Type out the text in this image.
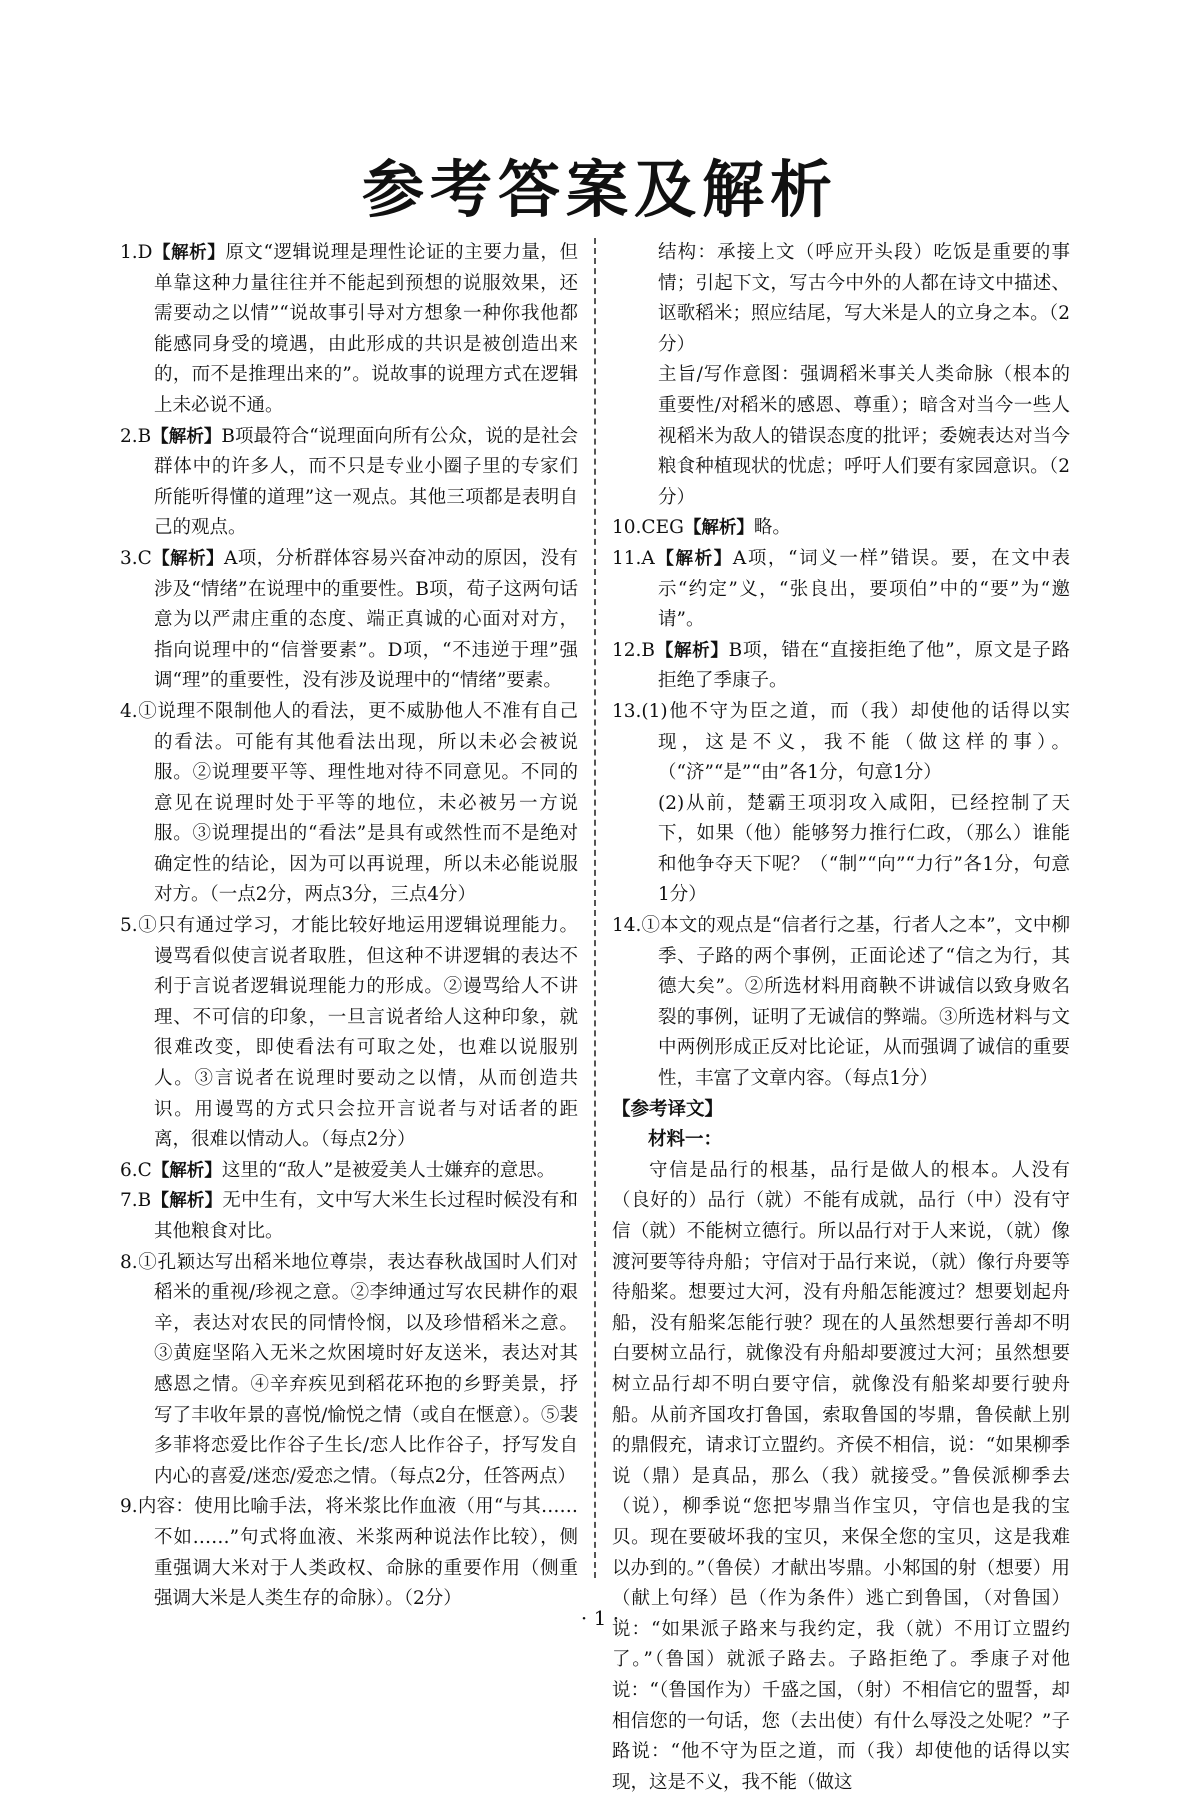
参考答案及解析

1.D【解析】原文“逻辑说理是理性论证的主要力量，但单靠这种力量往往并不能起到预想的说服效果，还需要动之以情”“说故事引导对方想象一种你我他都能感同身受的境遇，由此形成的共识是被创造出来的，而不是推理出来的”。说故事的说理方式在逻辑上未必说不通。

2.B【解析】B项最符合“说理面向所有公众，说的是社会群体中的许多人，而不只是专业小圈子里的专家们所能听得懂的道理”这一观点。其他三项都是表明自己的观点。

3.C【解析】A项，分析群体容易兴奋冲动的原因，没有涉及“情绪”在说理中的重要性。B项，荀子这两句话意为以严肃庄重的态度、端正真诚的心面对对方，指向说理中的“信誉要素”。D项，“不违逆于理”强调“理”的重要性，没有涉及说理中的“情绪”要素。

4.①说理不限制他人的看法，更不威胁他人不准有自己的看法。可能有其他看法出现，所以未必会被说服。②说理要平等、理性地对待不同意见。不同的意见在说理时处于平等的地位，未必被另一方说服。③说理提出的“看法”是具有或然性而不是绝对确定性的结论，因为可以再说理，所以未必能说服对方。（一点2分，两点3分，三点4分）

5.①只有通过学习，才能比较好地运用逻辑说理能力。谩骂看似使言说者取胜，但这种不讲逻辑的表达不利于言说者逻辑说理能力的形成。②谩骂给人不讲理、不可信的印象，一旦言说者给人这种印象，就很难改变，即使看法有可取之处，也难以说服别人。③言说者在说理时要动之以情，从而创造共识。用谩骂的方式只会拉开言说者与对话者的距离，很难以情动人。（每点2分）

6.C【解析】这里的“敌人”是被爱美人士嫌弃的意思。

7.B【解析】无中生有，文中写大米生长过程时候没有和其他粮食对比。

8.①孔颖达写出稻米地位尊崇，表达春秋战国时人们对稻米的重视/珍视之意。②李绅通过写农民耕作的艰辛，表达对农民的同情怜悯，以及珍惜稻米之意。③黄庭坚陷入无米之炊困境时好友送米，表达对其感恩之情。④辛弃疾见到稻花环抱的乡野美景，抒写了丰收年景的喜悦/愉悦之情（或自在惬意）。⑤裴多菲将恋爱比作谷子生长/恋人比作谷子，抒写发自内心的喜爱/迷恋/爱恋之情。（每点2分，任答两点）

9.内容：使用比喻手法，将米浆比作血液（用“与其……不如……”句式将血液、米浆两种说法作比较），侧重强调大米对于人类政权、命脉的重要作用（侧重强调大米是人类生存的命脉）。（2分）

结构：承接上文（呼应开头段）吃饭是重要的事情；引起下文，写古今中外的人都在诗文中描述、讴歌稻米；照应结尾，写大米是人的立身之本。（2分）

主旨/写作意图：强调稻米事关人类命脉（根本的重要性/对稻米的感恩、尊重）；暗含对当今一些人视稻米为敌人的错误态度的批评；委婉表达对当今粮食种植现状的忧虑；呼吁人们要有家园意识。（2分）

10.CEG【解析】略。

11.A【解析】A项，“词义一样”错误。要，在文中表示“约定”义，“张良出，要项伯”中的“要”为“邀请”。

12.B【解析】B项，错在“直接拒绝了他”，原文是子路拒绝了季康子。

13.(1)他不守为臣之道，而（我）却使他的话得以实现，这是不义，我不能（做这样的事）。（“济”“是”“由”各1分，句意1分）

(2)从前，楚霸王项羽攻入咸阳，已经控制了天下，如果（他）能够努力推行仁政，（那么）谁能和他争夺天下呢？（“制”“向”“力行”各1分，句意1分）

14.①本文的观点是“信者行之基，行者人之本”，文中柳季、子路的两个事例，正面论述了“信之为行，其德大矣”。②所选材料用商鞅不讲诚信以致身败名裂的事例，证明了无诚信的弊端。③所选材料与文中两例形成正反对比论证，从而强调了诚信的重要性，丰富了文章内容。（每点1分）

【参考译文】

材料一：

守信是品行的根基，品行是做人的根本。人没有（良好的）品行（就）不能有成就，品行（中）没有守信（就）不能树立德行。所以品行对于人来说，（就）像渡河要等待舟船；守信对于品行来说，（就）像行舟要等待船桨。想要过大河，没有舟船怎能渡过？想要划起舟船，没有船桨怎能行驶？现在的人虽然想要行善却不明白要树立品行，就像没有舟船却要渡过大河；虽然想要树立品行却不明白要守信，就像没有船桨却要行驶舟船。从前齐国攻打鲁国，索取鲁国的岑鼎，鲁侯献上别的鼎假充，请求订立盟约。齐侯不相信，说：“如果柳季说（鼎）是真品，那么（我）就接受。”鲁侯派柳季去（说），柳季说“您把岑鼎当作宝贝，守信也是我的宝贝。现在要破坏我的宝贝，来保全您的宝贝，这是我难以办到的。”（鲁侯）才献出岑鼎。小邾国的射（想要）用（献上句绎）邑（作为条件）逃亡到鲁国，（对鲁国）说：“如果派子路来与我约定，我（就）不用订立盟约了。”（鲁国）就派子路去。子路拒绝了。季康子对他说：“（鲁国作为）千盛之国，（射）不相信它的盟誓，却相信您的一句话，您（去出使）有什么辱没之处呢？”子路说：“他不守为臣之道，而（我）却使他的话得以实现，这是不义，我不能（做这

· 1 ·
